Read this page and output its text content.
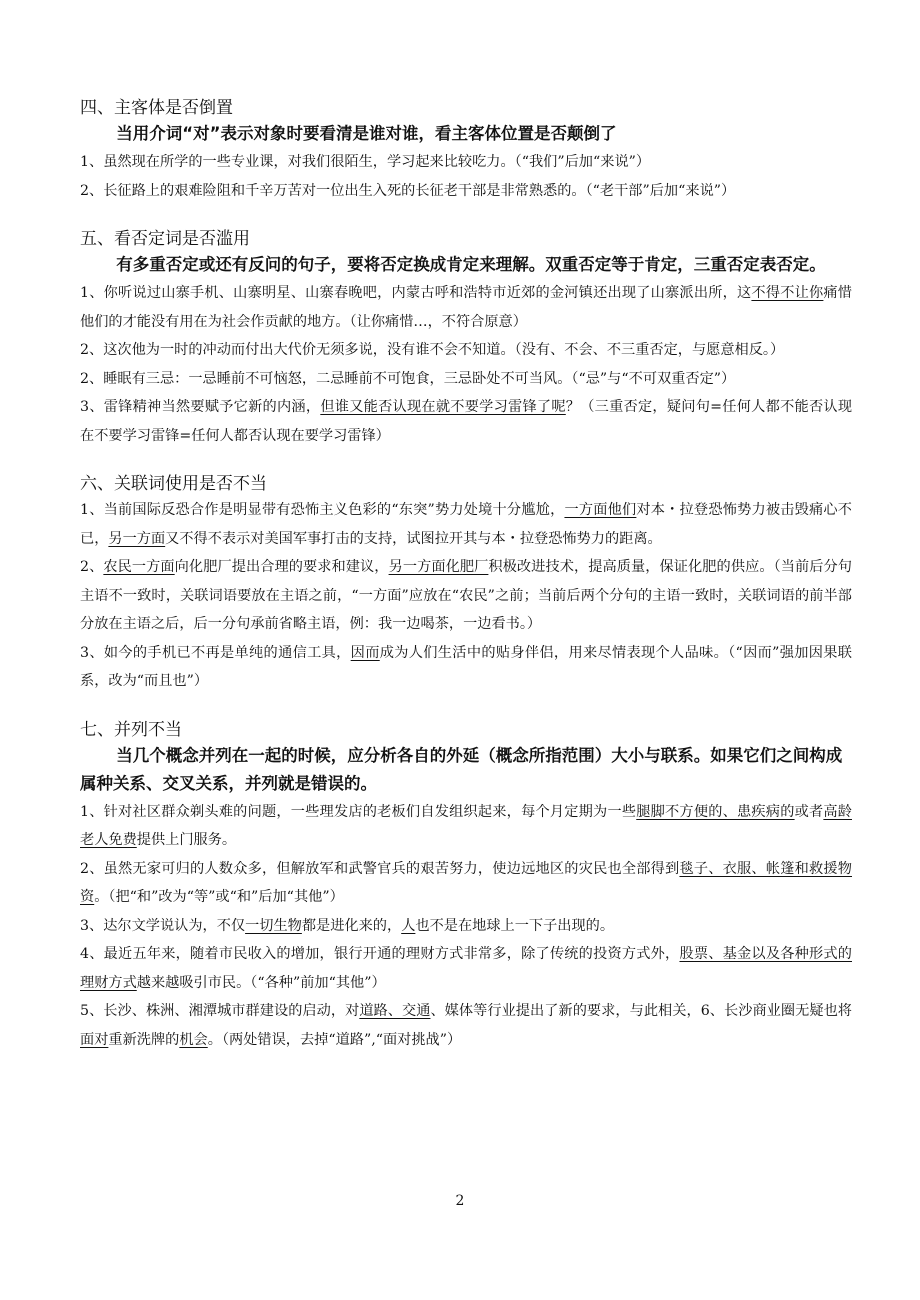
四、主客体是否倒置

当用介词“对”表示对象时要看清是谁对谁，看主客体位置是否颠倒了

1、虽然现在所学的一些专业课，对我们很陌生，学习起来比较吃力。（“我们”后加“来说”）

2、长征路上的艰难险阻和千辛万苦对一位出生入死的长征老干部是非常熟悉的。（“老干部”后加“来说”）

五、看否定词是否滥用

有多重否定或还有反问的句子，要将否定换成肯定来理解。双重否定等于肯定，三重否定表否定。

1、你听说过山寨手机、山寨明星、山寨春晚吧，内蒙古呼和浩特市近郊的金河镇还出现了山寨派出所，这不得不让你痛惜他们的才能没有用在为社会作贡献的地方。（让你痛惜…，不符合原意）

2、这次他为一时的冲动而付出大代价无须多说，没有谁不会不知道。（没有、不会、不三重否定，与愿意相反。）

2、睡眠有三忌：一忌睡前不可恼怒，二忌睡前不可饱食，三忌卧处不可当风。（“忌”与“不可双重否定”）

3、雷锋精神当然要赋予它新的内涵，但谁又能否认现在就不要学习雷锋了呢？（三重否定，疑问句=任何人都不能否认现在不要学习雷锋=任何人都否认现在要学习雷锋）

六、关联词使用是否不当

1、当前国际反恐合作是明显带有恐怖主义色彩的“东突”势力处境十分尴尬，一方面他们对本・拉登恐怖势力被击毁痛心不已，另一方面又不得不表示对美国军事打击的支持，试图拉开其与本・拉登恐怖势力的距离。

2、农民一方面向化肥厂提出合理的要求和建议，另一方面化肥厂积极改进技术，提高质量，保证化肥的供应。（当前后分句主语不一致时，关联词语要放在主语之前，“一方面”应放在“农民”之前；当前后两个分句的主语一致时，关联词语的前半部分放在主语之后，后一分句承前省略主语，例：我一边喝茶，一边看书。）

3、如今的手机已不再是单纯的通信工具，因而成为人们生活中的贴身伴侣，用来尽情表现个人品味。（“因而”强加因果联系，改为“而且也”）

七、并列不当

当几个概念并列在一起的时候，应分析各自的外延（概念所指范围）大小与联系。如果它们之间构成属种关系、交叉关系，并列就是错误的。

1、针对社区群众剃头难的问题，一些理发店的老板们自发组织起来，每个月定期为一些腿脚不方便的、患疾病的或者高龄老人免费提供上门服务。

2、虽然无家可归的人数众多，但解放军和武警官兵的艰苦努力，使边远地区的灾民也全部得到毯子、衣服、帐篷和救援物资。（把“和”改为“等”或“和”后加“其他”）

3、达尔文学说认为，不仅一切生物都是进化来的，人也不是在地球上一下子出现的。

4、最近五年来，随着市民收入的增加，银行开通的理财方式非常多，除了传统的投资方式外，股票、基金以及各种形式的理财方式越来越吸引市民。（“各种”前加“其他”）

5、长沙、株洲、湘潭城市群建设的启动，对道路、交通、媒体等行业提出了新的要求，与此相关，6、长沙商业圈无疑也将面对重新洗牌的机会。（两处错误，去掉“道路”,“面对挑战”）

2
